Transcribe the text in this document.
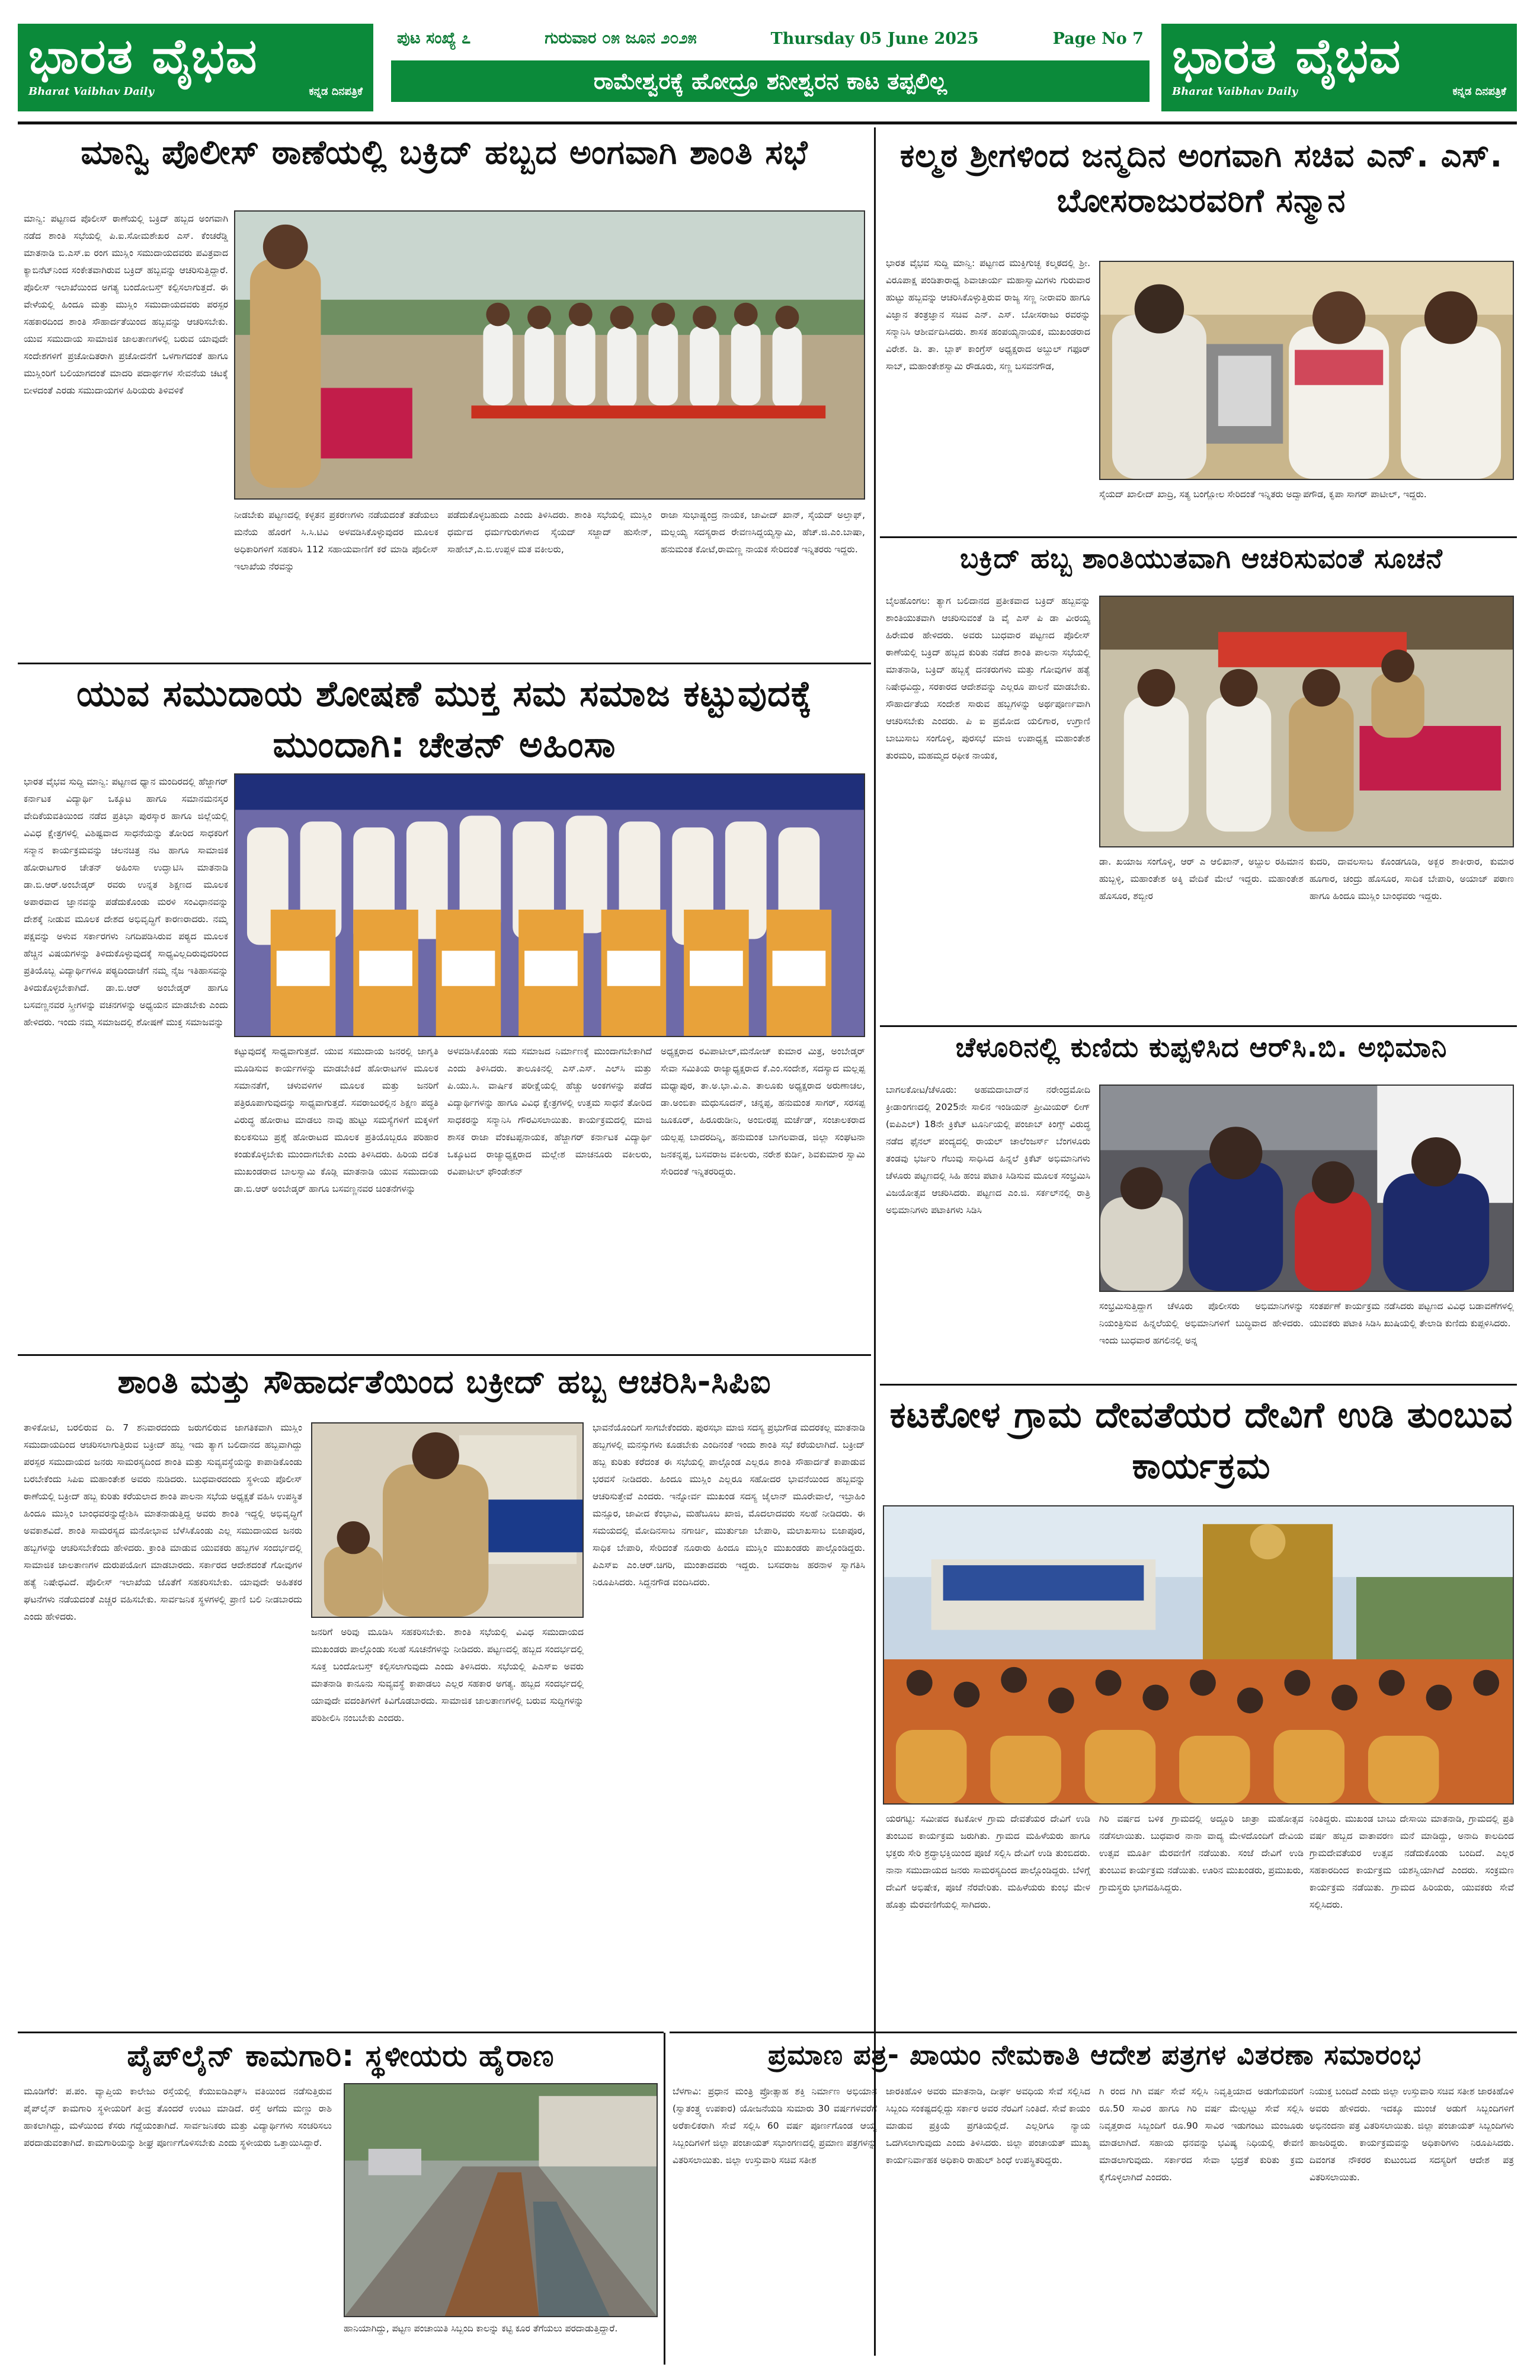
ಭಾರತ ವೈಭವ
Bharat Vaibhav Daily	ಕನ್ನಡ ದಿನಪತ್ರಿಕೆ
ಪುಟ ಸಂಖ್ಯೆ ೭	ಗುರುವಾರ ೦೫ ಜೂನ ೨೦೨೫	Thursday 05 June 2025	Page No 7
ರಾಮೇಶ್ವರಕ್ಕೆ ಹೋದ್ರೂ ಶನೀಶ್ವರನ ಕಾಟ ತಪ್ಪಲಿಲ್ಲ	ಭಾರತ ವೈಭವ
Bharat Vaibhav Daily	ಕನ್ನಡ ದಿನಪತ್ರಿಕೆ
ಮಾನ್ವಿ ಪೊಲೀಸ್ ಠಾಣೆಯಲ್ಲಿ ಬಕ್ರಿದ್ ಹಬ್ಬದ ಅಂಗವಾಗಿ ಶಾಂತಿ ಸಭೆ
ಮಾನ್ವಿ: ಪಟ್ಟಣದ ಪೊಲೀಸ್ ಠಾಣೆಯಲ್ಲಿ ಬಕ್ರಿದ್ ಹಬ್ಬದ ಅಂಗವಾಗಿ ನಡೆದ ಶಾಂತಿ ಸಭೆಯಲ್ಲಿ ಪಿ.ಐ.ಸೋಮಶೇಖರ ಎಸ್. ಕೆಂಚರೆಡ್ಡಿ ಮಾತನಾಡಿ ಬಿ.ಎಸ್.ಐ ರಂಗ ಮುಸ್ಲಿಂ ಸಮುದಾಯದವರು ಪವಿತ್ರವಾದ ಕ್ಯಾಬಿನೆಟ್‌ನಿಂದ ಸಂಕೇತವಾಗಿರುವ ಬಕ್ರಿದ್ ಹಬ್ಬವನ್ನು ಆಚರಿಸುತ್ತಿದ್ದಾರೆ. ಪೊಲೀಸ್ ಇಲಾಖೆಯಿಂದ ಅಗತ್ಯ ಬಂದೋಬಸ್ತ್ ಕಲ್ಪಿಸಲಾಗುತ್ತದೆ. ಈ ವೇಳೆಯಲ್ಲಿ ಹಿಂದೂ ಮತ್ತು ಮುಸ್ಲಿಂ ಸಮುದಾಯದವರು ಪರಸ್ಪರ ಸಹಕಾರದಿಂದ ಶಾಂತಿ ಸೌಹಾರ್ದತೆಯಿಂದ ಹಬ್ಬವನ್ನು ಆಚರಿಸಬೇಕು. ಯುವ ಸಮುದಾಯ ಸಾಮಾಜಿಕ ಜಾಲತಾಣಗಳಲ್ಲಿ ಬರುವ ಯಾವುದೇ ಸಂದೇಶಗಳಿಗೆ ಪ್ರಚೋದಿತರಾಗಿ ಪ್ರಚೋದನೆಗೆ ಒಳಗಾಗದಂತೆ ಹಾಗೂ ಮುಸ್ಲಿಂರಿಗೆ ಬಲಿಯಾಗದಂತೆ ಮಾದರಿ ಪದಾರ್ಥಗಳ ಸೇವನೆಯ ಚಟಕ್ಕೆ ಬೀಳದಂತೆ ಎರಡು ಸಮುದಾಯಗಳ ಹಿರಿಯರು ತಿಳಿವಳಿಕೆ
ನೀಡಬೇಕು ಪಟ್ಟಣದಲ್ಲಿ ಕಳ್ಳತನ ಪ್ರಕರಣಗಳು ನಡೆಯದಂತೆ ತಡೆಯಲು ಮನೆಯ ಹೊರಗೆ ಸಿ.ಸಿ.ಟಿವಿ ಅಳವಡಿಸಿಕೊಳ್ಳುವುದರ ಮೂಲಕ ಅಧಿಕಾರಿಗಳಿಗೆ ಸಹಕರಿಸಿ 112 ಸಹಾಯವಾಣಿಗೆ ಕರೆ ಮಾಡಿ ಪೊಲೀಸ್ ಇಲಾಖೆಯ ನೆರವನ್ನು
ಪಡೆದುಕೊಳ್ಳಬಹುದು ಎಂದು ತಿಳಿಸಿದರು. ಶಾಂತಿ ಸಭೆಯಲ್ಲಿ ಮುಸ್ಲಿಂ ಧರ್ಮದ ಧರ್ಮಗುರುಗಳಾದ ಸೈಯದ್ ಸಜ್ಜಾದ್ ಹುಸೇನ್, ಸಾಹೇಬ್,ಎ.ಬಿ.ಉಪ್ಪಳ ಮತ ವಕೀಲರು,
ರಾಜಾ ಸುಭಾಷ್ಚಂದ್ರ ನಾಯಕ, ಜಾವೀದ್ ಖಾನ್, ಸೈಯದ್ ಅಲ್ತಾಫ್, ಮಲ್ಲಯ್ಯ ಸದಸ್ಯರಾದ ರೇವಣಸಿದ್ದಯ್ಯಸ್ವಾಮಿ, ಹೆಚ್.ಜಿ.ಎಂ.ಬಾಷಾ, ಹನುಮಂತ ಕೋಟೆ,ರಾಮಣ್ಣ ನಾಯಕ ಸೇರಿದಂತೆ ಇನ್ನಿತರರು ಇದ್ದರು.
ಯುವ ಸಮುದಾಯ ಶೋಷಣೆ ಮುಕ್ತ ಸಮ ಸಮಾಜ ಕಟ್ಟುವುದಕ್ಕೆ ಮುಂದಾಗಿ: ಚೇತನ್ ಅಹಿಂಸಾ
ಭಾರತ ವೈಭವ ಸುದ್ದಿ ಮಾನ್ವಿ: ಪಟ್ಟಣದ ಧ್ಯಾನ ಮಂದಿರದಲ್ಲಿ ಹೆಜ್ಜಾಗರ್ ಕರ್ನಾಟಕ ವಿದ್ಯಾರ್ಥಿ ಒಕ್ಕೂಟ ಹಾಗೂ ಸಮಾನಮನಸ್ಕರ ವೇದಿಕೆಯವತಿಯಿಂದ ನಡೆದ ಪ್ರತಿಭಾ ಪುರಸ್ಕಾರ ಹಾಗೂ ಜಿಲ್ಲೆಯಲ್ಲಿ ವಿವಿಧ ಕ್ಷೇತ್ರಗಳಲ್ಲಿ ವಿಶಿಷ್ಟವಾದ ಸಾಧನೆಯನ್ನು ತೋರಿದ ಸಾಧಕರಿಗೆ ಸನ್ಮಾನ ಕಾರ್ಯಕ್ರಮವನ್ನು ಚಲನಚಿತ್ರ ನಟ ಹಾಗೂ ಸಾಮಾಜಿಕ ಹೋರಾಟಗಾರ ಚೇತನ್ ಅಹಿಂಸಾ ಉದ್ಘಾಟಿಸಿ ಮಾತನಾಡಿ ಡಾ.ಬಿ.ಆರ್.ಅಂಬೇಡ್ಕರ್ ರವರು ಉನ್ನತ ಶಿಕ್ಷಣದ ಮೂಲಕ ಅಪಾರವಾದ ಜ್ಞಾನವನ್ನು ಪಡೆದುಕೊಂಡು ಮರಳಿ ಸಂವಿಧಾನವನ್ನು ದೇಶಕ್ಕೆ ನೀಡುವ ಮೂಲಕ ದೇಶದ ಅಭಿವೃದ್ಧಿಗೆ ಕಾರಣರಾದರು. ನಮ್ಮ ಪಕ್ಷವನ್ನು ಅಳುವ ಸರ್ಕಾರಗಳು ನಿಗದಿಪಡಿಸಿರುವ ಪಠ್ಯದ ಮೂಲಕ ಹೆಚ್ಚಿನ ವಿಷಯಗಳನ್ನು ತಿಳಿದುಕೊಳ್ಳುವುದಕ್ಕೆ ಸಾಧ್ಯವಿಲ್ಲದಿರುವುದರಿಂದ ಪ್ರತಿಯೊಬ್ಬ ವಿದ್ಯಾರ್ಥಿಗಳೂ ಪಠ್ಯದಿಂದಾಚೆಗೆ ನಮ್ಮ ನೈಜ ಇತಿಹಾಸವನ್ನು ತಿಳಿದುಕೊಳ್ಳಬೇಕಾಗಿದೆ. ಡಾ.ಬಿ.ಆರ್ ಅಂಬೇಡ್ಕರ್ ಹಾಗೂ ಬಸವಣ್ಣನವರ ಸ್ತ್ರೀಗಳನ್ನು ವಚನಗಳನ್ನು ಅಧ್ಯಯನ ಮಾಡಬೇಕು ಎಂದು ಹೇಳಿದರು. ಇಂದು ನಮ್ಮ ಸಮಾಜದಲ್ಲಿ ಶೋಷಣೆ ಮುಕ್ತ ಸಮಾಜವನ್ನು
ಕಟ್ಟುವುದಕ್ಕೆ ಸಾಧ್ಯವಾಗುತ್ತದೆ. ಯುವ ಸಮುದಾಯ ಜನರಲ್ಲಿ ಜಾಗೃತಿ ಮೂಡಿಸುವ ಕಾರ್ಯಗಳನ್ನು ಮಾಡಬೇಕಿದೆ ಹೋರಾಟಗಳ ಮೂಲಕ ಸಮಾನತೆಗೆ, ಚಳುವಳಿಗಳ ಮೂಲಕ ಮತ್ತು ಜನರಿಗೆ ಪತ್ರಿರೂಪಾಗುವುದನ್ನು ಸಾಧ್ಯವಾಗುತ್ತದೆ. ಸವರಾಜುರಲ್ಲಿನ ಶಿಕ್ಷಣ ಪದ್ಧತಿ ವಿರುದ್ಧ ಹೋರಾಟ ಮಾಡಲು ನಾವು ಹುಟ್ಟು ಸಮಸ್ಯೆಗಳಿಗೆ ಮಕ್ಕಳಿಗೆ ಕುಲಕಸುಬು ಪ್ರಶ್ನೆ ಹೋರಾಟದ ಮೂಲಕ ಪ್ರತಿಯೊಬ್ಬರೂ ಪರಿಹಾರ ಕಂಡುಕೊಳ್ಳಬೇಕು ಮುಂದಾಗಬೇಕು ಎಂದು ತಿಳಿಸಿದರು. ಹಿರಿಯ ದಲಿತ ಮುಖಂಡರಾದ ಬಾಲಸ್ವಾಮಿ ಕೊಡ್ಲಿ ಮಾತನಾಡಿ ಯುವ ಸಮುದಾಯ ಡಾ.ಬಿ.ಆರ್ ಅಂಬೇಡ್ಕರ್ ಹಾಗೂ ಬಸವಣ್ಣನವರ ಚಿಂತನೆಗಳನ್ನು
ಅಳವಡಿಸಿಕೊಂಡು ಸಮ ಸಮಾಜದ ನಿರ್ಮಾಣಕ್ಕೆ ಮುಂದಾಗಬೇಕಾಗಿದೆ ಎಂದು ತಿಳಿಸಿದರು. ತಾಲೂಕಿನಲ್ಲಿ ಎಸ್.ಎಸ್. ಎಲ್‌ಸಿ ಮತ್ತು ಪಿ.ಯು.ಸಿ. ವಾರ್ಷಿಕ ಪರೀಕ್ಷೆಯಲ್ಲಿ ಹೆಚ್ಚು ಅಂಕಗಳನ್ನು ಪಡೆದ ವಿದ್ಯಾರ್ಥಿಗಳನ್ನು ಹಾಗೂ ವಿವಿಧ ಕ್ಷೇತ್ರಗಳಲ್ಲಿ ಉತ್ತಮ ಸಾಧನೆ ತೋರಿದ ಸಾಧಕರನ್ನು ಸನ್ಮಾನಿಸಿ ಗೌರವಿಸಲಾಯಿತು. ಕಾರ್ಯಕ್ರಮದಲ್ಲಿ ಮಾಜಿ ಶಾಸಕ ರಾಜಾ ವೆಂಕಟಪ್ಪನಾಯಕ, ಹೆಜ್ಜಾಗರ್ ಕರ್ನಾಟಕ ವಿದ್ಯಾರ್ಥಿ ಒಕ್ಕೂಟದ ರಾಜ್ಯಾಧ್ಯಕ್ಷರಾದ ಮಲ್ಲೇಶ ಮಾಚನೂರು ವಕೀಲರು, ರವಿಪಾಟೀಲ್ ಫೌಂಡೇಶನ್
ಅಧ್ಯಕ್ಷರಾದ ರವಿಪಾಟೀಲ್,ಮನೋಜ್ ಕುಮಾರ ಮಿತ್ರ, ಅಂಬೇಡ್ಕರ್ ಸೇವಾ ಸಮಿತಿಯ ರಾಜ್ಯಾಧ್ಯಕ್ಷರಾದ ಕೆ.ಎಂ.ಸಂದೇಶ, ಸದಸ್ಯಾದ ಮಲ್ಲಪ್ಪ ಮಧ್ಯಾಪುರ, ತಾ.ಅ.ಭಾ.ವಿ.ಎ. ತಾಲೂಕು ಅಧ್ಯಕ್ಷರಾದ ಅರುಣಾಚಲ, ಡಾ.ಅಂಬಿಕಾ ಮಧುಸೂದನ್, ಚನ್ನಪ್ಪ, ಹನುಮಂತ ಸಾಗರ್, ಸರಸಪ್ಪ ಜೂಕೂರ್, ಹಿರೂರುಡೀನಿ, ಅಂಬೀರಪ್ಪ ಮರ್ಚೆಡ್, ಸಂಚಾಲಕರಾದ ಯಲ್ಲಪ್ಪ ಬಾದರದಿನ್ನಿ, ಹನುಮಂತ ಬಾಗಲವಾಡ, ಜಿಲ್ಲಾ ಸಂಘಟನಾ ಜನಕನ್ನಪ್ಪ, ಬಸವರಾಜ ವಕೀಲರು, ನರೇಶ ಕುರ್ಡಿ, ಶಿವಕುಮಾರ ಸ್ವಾಮಿ ಸೇರಿದಂತೆ ಇನ್ನಿತರರಿದ್ದರು.
ಶಾಂತಿ ಮತ್ತು ಸೌಹಾರ್ದತೆಯಿಂದ ಬಕ್ರೀದ್ ಹಬ್ಬ ಆಚರಿಸಿ-ಸಿಪಿಐ
ತಾಳಿಕೋಟಿ, ಬರಲಿರುವ ದಿ. 7 ಶನಿವಾರದಂದು ಜರುಗಲಿರುವ ಜಾಗತಿಕವಾಗಿ ಮುಸ್ಲಿಂ ಸಮುದಾಯದಿಂದ ಆಚರಿಸಲಾಗುತ್ತಿರುವ ಬಕ್ರೀದ್ ಹಬ್ಬ ಇದು ತ್ಯಾಗ ಬಲಿದಾನದ ಹಬ್ಬವಾಗಿದ್ದು ಪರಸ್ಪರ ಸಮುದಾಯದ ಜನರು ಸಾಮರಸ್ಯದಿಂದ ಶಾಂತಿ ಮತ್ತು ಸುವ್ಯವಸ್ಥೆಯನ್ನು ಕಾಪಾಡಿಕೊಂಡು ಬರಬೇಕೆಂದು ಸಿಪಿಐ ಮಹಾಂತೇಶ ಅವರು ನುಡಿದರು. ಬುಧವಾರದಂದು ಸ್ಥಳೀಯ ಪೊಲೀಸ್ ಠಾಣೆಯಲ್ಲಿ ಬಕ್ರೀದ್ ಹಬ್ಬ ಕುರಿತು ಕರೆಯಲಾದ ಶಾಂತಿ ಪಾಲನಾ ಸಭೆಯ ಅಧ್ಯಕ್ಷತೆ ವಹಿಸಿ ಉಪಸ್ಥಿತ ಹಿಂದೂ ಮುಸ್ಲಿಂ ಬಾಂಧವರನ್ನುದ್ದೇಶಿಸಿ ಮಾತನಾಡುತ್ತಿದ್ದ ಅವರು ಶಾಂತಿ ಇದ್ದಲ್ಲಿ ಅಭಿವೃದ್ಧಿಗೆ ಅವಕಾಶವಿದೆ. ಶಾಂತಿ ಸಾಮರಸ್ಯದ ಮನೋಭಾವ ಬೆಳೆಸಿಕೊಂಡು ಎಲ್ಲ ಸಮುದಾಯದ ಜನರು ಹಬ್ಬಗಳನ್ನು ಆಚರಿಸಬೇಕೆಂದು ಹೇಳಿದರು. ಕ್ರಾಂತಿ ಮಾಡುವ ಯುವಕರು ಹಬ್ಬಗಳ ಸಂದರ್ಭದಲ್ಲಿ ಸಾಮಾಜಿಕ ಜಾಲತಾಣಗಳ ದುರುಪಯೋಗ ಮಾಡಬಾರದು. ಸರ್ಕಾರದ ಆದೇಶದಂತೆ ಗೋವುಗಳ ಹತ್ಯೆ ನಿಷೇಧವಿದೆ. ಪೊಲೀಸ್ ಇಲಾಖೆಯ ಜೊತೆಗೆ ಸಹಕರಿಸಬೇಕು. ಯಾವುದೇ ಅಹಿತಕರ ಘಟನೆಗಳು ನಡೆಯದಂತೆ ಎಚ್ಚರ ವಹಿಸಬೇಕು. ಸಾರ್ವಜನಿಕ ಸ್ಥಳಗಳಲ್ಲಿ ಪ್ರಾಣಿ ಬಲಿ ನೀಡಬಾರದು ಎಂದು ಹೇಳಿದರು.
ಜನರಿಗೆ ಅರಿವು ಮೂಡಿಸಿ ಸಹಕರಿಸಬೇಕು. ಶಾಂತಿ ಸಭೆಯಲ್ಲಿ ವಿವಿಧ ಸಮುದಾಯದ ಮುಖಂಡರು ಪಾಲ್ಗೊಂಡು ಸಲಹೆ ಸೂಚನೆಗಳನ್ನು ನೀಡಿದರು. ಪಟ್ಟಣದಲ್ಲಿ ಹಬ್ಬದ ಸಂದರ್ಭದಲ್ಲಿ ಸೂಕ್ತ ಬಂದೋಬಸ್ತ್ ಕಲ್ಪಿಸಲಾಗುವುದು ಎಂದು ತಿಳಿಸಿದರು. ಸಭೆಯಲ್ಲಿ ಪಿಎಸ್ಐ ಅವರು ಮಾತನಾಡಿ ಕಾನೂನು ಸುವ್ಯವಸ್ಥೆ ಕಾಪಾಡಲು ಎಲ್ಲರ ಸಹಕಾರ ಅಗತ್ಯ. ಹಬ್ಬದ ಸಂದರ್ಭದಲ್ಲಿ ಯಾವುದೇ ವದಂತಿಗಳಿಗೆ ಕಿವಿಗೊಡಬಾರದು. ಸಾಮಾಜಿಕ ಜಾಲತಾಣಗಳಲ್ಲಿ ಬರುವ ಸುದ್ದಿಗಳನ್ನು ಪರಿಶೀಲಿಸಿ ನಂಬಬೇಕು ಎಂದರು.
ಭಾವನೆಯೊಂದಿಗೆ ಸಾಗಬೇಕೆಂದರು. ಪುರಸಭಾ ಮಾಜಿ ಸದಸ್ಯ ಪ್ರಭುಗೌಡ ಮದರಕಲ್ಲ ಮಾತನಾಡಿ ಹಬ್ಬಗಳಲ್ಲಿ ಮನಸ್ಸುಗಳು ಕೂಡಬೇಕು ಎಂದಿನಂತೆ ಇಂದು ಶಾಂತಿ ಸಭೆ ಕರೆಯಲಾಗಿದೆ. ಬಕ್ರೀದ್ ಹಬ್ಬ ಕುರಿತು ಕರೆದಂತ ಈ ಸಭೆಯಲ್ಲಿ ಪಾಲ್ಗೊಂಡ ಎಲ್ಲರೂ ಶಾಂತಿ ಸೌಹಾರ್ದತೆ ಕಾಪಾಡುವ ಭರವಸೆ ನೀಡಿದರು. ಹಿಂದೂ ಮುಸ್ಲಿಂ ಎಲ್ಲರೂ ಸಹೋದರ ಭಾವನೆಯಿಂದ ಹಬ್ಬವನ್ನು ಆಚರಿಸುತ್ತೇವೆ ಎಂದರು. ಇನ್ನೋರ್ವ ಮುಖಂಡ ಸದಸ್ಯ ಜೈಲಾನ್ ಮೂರೇವಾಲೆ, ಇಬ್ರಾಹಿಂ ಮನ್ಸೂರ, ಜಾವೀದ ಕೆಂಭಾವಿ, ಮಹೆಬೂಬ ಖಾಜಿ, ಮೊದಲಾದವರು ಸಲಹೆ ನೀಡಿದರು. ಈ ಸಮಯದಲ್ಲಿ ಮೋದಿನಸಾಬ ನಗಾರ್ಚಿ, ಮುರ್ತುಜಾ ಬೇಪಾರಿ, ಮಲಾಖಸಾಬ ಬಿಜಾಪೂರ, ಸಾಧಿಕ ಬೇಪಾರಿ, ಸೇರಿದಂತೆ ನೂರಾರು ಹಿಂದೂ ಮುಸ್ಲಿಂ ಮುಖಂಡರು ಪಾಲ್ಗೊಂಡಿದ್ದರು. ಪಿಎಸ್ಐ ಎಂ.ಆರ್.ಚಿಗರಿ, ಮುಂತಾದವರು ಇದ್ದರು. ಬಸವರಾಜ ಹರನಾಳ ಸ್ವಾಗತಿಸಿ ನಿರೂಪಿಸಿದರು. ಸಿದ್ದನಗೌಡ ವಂದಿಸಿದರು.
ಪೈಪ್‌ಲೈನ್ ಕಾಮಗಾರಿ: ಸ್ಥಳೀಯರು ಹೈರಾಣ
ಮೂಡಿಗೆರೆ: ಪ.ಪಂ. ವ್ಯಾಪ್ತಿಯ ಕಾಲೇಜು ರಸ್ತೆಯಲ್ಲಿ ಕೆಯುಐಡಿಎಫ್‌ಸಿ ವತಿಯಿಂದ ನಡೆಸುತ್ತಿರುವ ಪೈಪ್‌ಲೈನ್ ಕಾಮಗಾರಿ ಸ್ಥಳೀಯರಿಗೆ ತೀವ್ರ ತೊಂದರೆ ಉಂಟು ಮಾಡಿದೆ. ರಸ್ತೆ ಅಗೆದು ಮಣ್ಣು ರಾಶಿ ಹಾಕಲಾಗಿದ್ದು, ಮಳೆಯಿಂದ ಕೆಸರು ಗದ್ದೆಯಂತಾಗಿದೆ. ಸಾರ್ವಜನಿಕರು ಮತ್ತು ವಿದ್ಯಾರ್ಥಿಗಳು ಸಂಚರಿಸಲು ಪರದಾಡುವಂತಾಗಿದೆ. ಕಾಮಗಾರಿಯನ್ನು ಶೀಘ್ರ ಪೂರ್ಣಗೊಳಿಸಬೇಕು ಎಂದು ಸ್ಥಳೀಯರು ಒತ್ತಾಯಿಸಿದ್ದಾರೆ.
ಹಾನಿಯಾಗಿದ್ದು, ಪಟ್ಟಣ ಪಂಚಾಯಿತಿ ಸಿಬ್ಬಂದಿ ಕಾಲನ್ನು ಕಟ್ಟಿ ಕೂರ ತೆಗೆಯಲು ಪರದಾಡುತ್ತಿದ್ದಾರೆ.
ಕಲ್ಮಠ ಶ್ರೀಗಳಿಂದ ಜನ್ಮದಿನ ಅಂಗವಾಗಿ ಸಚಿವ ಎನ್. ಎಸ್. ಬೋಸರಾಜುರವರಿಗೆ ಸನ್ಮಾನ
ಭಾರತ ವೈಭವ ಸುದ್ದಿ ಮಾನ್ವಿ: ಪಟ್ಟಣದ ಮುಕ್ತಿಗುಚ್ಛ ಕಲ್ಮಠದಲ್ಲಿ ಶ್ರೀ. ವಿರೂಪಾಕ್ಷ ಪಂಡಿತಾರಾಧ್ಯ ಶಿವಾಚಾರ್ಯ ಮಹಾಸ್ವಾಮಿಗಳು ಗುರುವಾರ ಹುಟ್ಟು ಹಬ್ಬವನ್ನು ಆಚರಿಸಿಕೊಳ್ಳುತ್ತಿರುವ ರಾಜ್ಯ ಸಣ್ಣ ನೀರಾವರಿ ಹಾಗೂ ವಿಜ್ಞಾನ ತಂತ್ರಜ್ಞಾನ ಸಚಿವ ಎನ್. ಎಸ್. ಬೋಸರಾಜು ರವರನ್ನು ಸನ್ಮಾನಿಸಿ ಆಶೀರ್ವದಿಸಿದರು. ಶಾಸಕ ಹಂಪಯ್ಯನಾಯಕ, ಮುಖಂಡರಾದ ವಿರೇಶ. ಡಿ. ತಾ. ಬ್ಲಾಕ್ ಕಾಂಗ್ರೆಸ್ ಅಧ್ಯಕ್ಷರಾದ ಅಬ್ದುಲ್ ಗಫೂರ್ ಸಾಬ್, ಮಹಾಂತೇಶಸ್ವಾಮಿ ರೌಡೂರು, ಸಣ್ಣ ಬಸವನಗೌಡ,
ಸೈಯದ್ ಖಾಲೀದ್ ಖಾದ್ರಿ, ಸತ್ಯ ಬಂಗ್ಲೋಲ ಸೇರಿದಂತೆ ಇನ್ನಿತರು ಅದ್ವಾಪಗೌಡ, ಕೃಪಾ ಸಾಗರ್ ಪಾಟೀಲ್, ಇದ್ದರು.
ಬಕ್ರಿದ್ ಹಬ್ಬ ಶಾಂತಿಯುತವಾಗಿ ಆಚರಿಸುವಂತೆ ಸೂಚನೆ
ಬೈಲಹೊಂಗಲ: ತ್ಯಾಗ ಬಲಿದಾನದ ಪ್ರತೀಕವಾದ ಬಕ್ರಿದ್ ಹಬ್ಬವನ್ನು ಶಾಂತಿಯುತವಾಗಿ ಆಚರಿಸುವಂತೆ ಡಿ ವೈ ಎಸ್ ಪಿ ಡಾ ವೀರಯ್ಯ ಹಿರೇಮಠ ಹೇಳಿದರು. ಅವರು ಬುಧವಾರ ಪಟ್ಟಣದ ಪೊಲೀಸ್ ಠಾಣೆಯಲ್ಲಿ ಬಕ್ರಿದ್ ಹಬ್ಬದ ಕುರಿತು ನಡೆದ ಶಾಂತಿ ಪಾಲನಾ ಸಭೆಯಲ್ಲಿ ಮಾತನಾಡಿ, ಬಕ್ರಿದ್ ಹಬ್ಬಕ್ಕೆ ದನಕರುಗಳು ಮತ್ತು ಗೋವುಗಳ ಹತ್ಯೆ ನಿಷೇಧವಿದ್ದು, ಸರಕಾರದ ಆದೇಶವನ್ನು ಎಲ್ಲರೂ ಪಾಲನೆ ಮಾಡಬೇಕು. ಸೌಹಾರ್ದತೆಯ ಸಂದೇಶ ಸಾರುವ ಹಬ್ಬಗಳನ್ನು ಅರ್ಥಪೂರ್ಣವಾಗಿ ಆಚರಿಸಬೇಕು ಎಂದರು. ಪಿ ಐ ಪ್ರಮೋದ ಯಲಿಗಾರ, ಉಗ್ರಾಣಿ ಬಾಬುಸಾಬ ಸಂಗೊಳ್ಳಿ, ಪುರಸಭೆ ಮಾಜಿ ಉಪಾಧ್ಯಕ್ಷ ಮಹಾಂತೇಶ ತುರಮರಿ, ಮಹಮ್ಮದ ರಫೀಕ ನಾಯಕ,
ಡಾ. ಖಯಾಜ ಸಂಗೊಳ್ಳಿ, ಆರ್ ಎ ಆಲಿಖಾನ್, ಅಬ್ದುಲ ರಹಿಮಾನ ಹುಬ್ಬಳ್ಳಿ, ಮಹಾಂತೇಶ ಅಕ್ಕಿ ವೇದಿಕೆ ಮೇಲೆ ಇದ್ದರು. ಮಹಾಂತೇಶ ಹೊಸೂರ, ಶಬ್ಬೀರ
ಕುದರಿ, ದಾವಲಸಾಬ ಕೊಂಡಗೂಡಿ, ಅಕ್ಬರ ಶಾಕೀರಾರ, ಕುಮಾರ ಹೂಗಾರ, ಚಂದ್ರು ಹೊಸೂರ, ಸಾದಿಕ ಬೇಪಾರಿ, ಅಯಾಜ್ ಪಠಾಣ ಹಾಗೂ ಹಿಂದೂ ಮುಸ್ಲಿಂ ಬಾಂಧವರು ಇದ್ದರು.
ಚೆಳೂರಿನಲ್ಲಿ ಕುಣಿದು ಕುಪ್ಪಳಿಸಿದ ಆರ್‌ಸಿ.ಬಿ. ಅಭಿಮಾನಿ
ಬಾಗಲಕೋಟ/ಚೆಳೂರು: ಅಹಮದಾಬಾದ್‌ನ ನರೇಂದ್ರಮೋದಿ ಕ್ರೀಡಾಂಗಣದಲ್ಲಿ 2025ನೇ ಸಾಲಿನ ಇಂಡಿಯನ್ ಪ್ರೀಮಿಯರ್ ಲೀಗ್ (ಐಪಿಎಲ್) 18ನೇ ಕ್ರಿಕೆಟ್ ಟೂರ್ನಿಯಲ್ಲಿ ಪಂಜಾಬ್ ಕಿಂಗ್ಸ್ ವಿರುದ್ಧ ನಡೆದ ಫೈನಲ್ ಪಂದ್ಯದಲ್ಲಿ ರಾಯಲ್ ಚಾಲೆಂಜರ್ಸ್ ಬೆಂಗಳೂರು ತಂಡವು ಭರ್ಜರಿ ಗೆಲುವು ಸಾಧಿಸಿದ ಹಿನ್ನಲೆ ಕ್ರಿಕೆಟ್ ಅಭಿಮಾನಿಗಳು ಚೆಳೂರು ಪಟ್ಟಣದಲ್ಲಿ ಸಿಹಿ ಹಂಚಿ ಪಟಾಕಿ ಸಿಡಿಸುವ ಮೂಲಕ ಸಂಭ್ರಮಿಸಿ ವಿಜಯೋತ್ಸವ ಆಚರಿಸಿದರು. ಪಟ್ಟಣದ ಎಂ.ಜಿ. ಸರ್ಕಲ್‌ನಲ್ಲಿ ರಾತ್ರಿ ಅಭಿಮಾನಿಗಳು ಪಟಾಕಿಗಳು ಸಿಡಿಸಿ
ಸಂಭ್ರಮಿಸುತ್ತಿದ್ದಾಗ ಚೆಳೂರು ಪೊಲೀಸರು ಅಭಿಮಾನಿಗಳನ್ನು ನಿಯಂತ್ರಿಸುವ ಹಿನ್ನಲೆಯಲ್ಲಿ ಅಭಿಮಾನಿಗಳಿಗೆ ಬುದ್ಧಿವಾದ ಹೇಳಿದರು. ಇಂದು ಬುಧವಾರ ಹಗಲಿನಲ್ಲಿ ಅನ್ನ
ಸಂತರ್ಪಣೆ ಕಾರ್ಯಕ್ರಮ ನಡೆಸಿದರು ಪಟ್ಟಣದ ವಿವಿಧ ಬಡಾವಣೆಗಳಲ್ಲಿ ಯುವಕರು ಪಟಾಕಿ ಸಿಡಿಸಿ ಖುಷಿಯಲ್ಲಿ ತೇಲಾಡಿ ಕುಣಿದು ಕುಪ್ಪಳಿಸಿದರು.
ಕಟಕೋಳ ಗ್ರಾಮ ದೇವತೆಯರ ದೇವಿಗೆ ಉಡಿ ತುಂಬುವ ಕಾರ್ಯಕ್ರಮ
ಯರಗಟ್ಟಿ: ಸಮೀಪದ ಕಟಕೋಳ ಗ್ರಾಮ ದೇವತೆಯರ ದೇವಿಗೆ ಉಡಿ ತುಂಬುವ ಕಾರ್ಯಕ್ರಮ ಜರುಗಿತು. ಗ್ರಾಮದ ಮಹಿಳೆಯರು ಹಾಗೂ ಭಕ್ತರು ಸೇರಿ ಶ್ರದ್ಧಾಭಕ್ತಿಯಿಂದ ಪೂಜೆ ಸಲ್ಲಿಸಿ ದೇವಿಗೆ ಉಡಿ ತುಂಬಿದರು. ನಾನಾ ಸಮುದಾಯದ ಜನರು ಸಾಮರಸ್ಯದಿಂದ ಪಾಲ್ಗೊಂಡಿದ್ದರು. ಬೆಳಿಗ್ಗೆ ದೇವಿಗೆ ಅಭಿಷೇಕ, ಪೂಜೆ ನೆರವೇರಿತು. ಮಹಿಳೆಯರು ಕುಂಭ ಮೇಳ ಹೊತ್ತು ಮೆರವಣಿಗೆಯಲ್ಲಿ ಸಾಗಿದರು.
ಗಿರಿ ವರ್ಷದ ಬಳಿಕ ಗ್ರಾಮದಲ್ಲಿ ಅದ್ದೂರಿ ಜಾತ್ರಾ ಮಹೋತ್ಸವ ನಡೆಸಲಾಯಿತು. ಬುಧವಾರ ನಾನಾ ವಾದ್ಯ ಮೇಳದೊಂದಿಗೆ ದೇವಿಯ ಉತ್ಸವ ಮೂರ್ತಿ ಮೆರವಣಿಗೆ ನಡೆಯಿತು. ಸಂಜೆ ದೇವಿಗೆ ಉಡಿ ತುಂಬುವ ಕಾರ್ಯಕ್ರಮ ನಡೆಯಿತು. ಊರಿನ ಮುಖಂಡರು, ಪ್ರಮುಖರು, ಗ್ರಾಮಸ್ಥರು ಭಾಗವಹಿಸಿದ್ದರು.
ನಿಂತಿದ್ದರು. ಮುಖಂಡ ಬಾಬು ದೇಸಾಯಿ ಮಾತನಾಡಿ, ಗ್ರಾಮದಲ್ಲಿ ಪ್ರತಿ ವರ್ಷ ಹಬ್ಬದ ವಾತಾವರಣ ಮನೆ ಮಾಡಿದ್ದು, ಅನಾದಿ ಕಾಲದಿಂದ ಗ್ರಾಮದೇವತೆಯರ ಉತ್ಸವ ನಡೆದುಕೊಂಡು ಬಂದಿದೆ. ಎಲ್ಲರ ಸಹಕಾರದಿಂದ ಕಾರ್ಯಕ್ರಮ ಯಶಸ್ವಿಯಾಗಿದೆ ಎಂದರು. ಸಂಕ್ರಮಣ ಕಾರ್ಯಕ್ರಮ ನಡೆಯಿತು. ಗ್ರಾಮದ ಹಿರಿಯರು, ಯುವಕರು ಸೇವೆ ಸಲ್ಲಿಸಿದರು.
ಪ್ರಮಾಣ ಪತ್ರ- ಖಾಯಂ ನೇಮಕಾತಿ ಆದೇಶ ಪತ್ರಗಳ ವಿತರಣಾ ಸಮಾರಂಭ
ಬೆಳಗಾವಿ: ಪ್ರಧಾನ ಮಂತ್ರಿ ಪ್ರೋತ್ಸಾಹ ಶಕ್ತಿ ನಿರ್ಮಾಣ ಅಭಿಯಾನ (ಸ್ವಾತಂತ್ರ್ಯ ಉಪಕಾರ) ಯೋಜನೆಯಡಿ ಸುಮಾರು 30 ವರ್ಷಗಳವರೆಗೆ ಅರೆಕಾಲಿಕರಾಗಿ ಸೇವೆ ಸಲ್ಲಿಸಿ 60 ವರ್ಷ ಪೂರ್ಣಗೊಂಡ ಆಯ್ದ ಸಿಬ್ಬಂದಿಗಳಿಗೆ ಜಿಲ್ಲಾ ಪಂಚಾಯತ್ ಸಭಾಂಗಣದಲ್ಲಿ ಪ್ರಮಾಣ ಪತ್ರಗಳನ್ನು ವಿತರಿಸಲಾಯಿತು. ಜಿಲ್ಲಾ ಉಸ್ತುವಾರಿ ಸಚಿವ ಸತೀಶ
ಜಾರಕಿಹೊಳಿ ಅವರು ಮಾತನಾಡಿ, ದೀರ್ಘ ಅವಧಿಯ ಸೇವೆ ಸಲ್ಲಿಸಿದ ಸಿಬ್ಬಂದಿ ಸಂಕಷ್ಟದಲ್ಲಿದ್ದು ಸರ್ಕಾರ ಅವರ ನೆರವಿಗೆ ನಿಂತಿದೆ. ಸೇವೆ ಕಾಯಂ ಮಾಡುವ ಪ್ರಕ್ರಿಯೆ ಪ್ರಗತಿಯಲ್ಲಿದೆ. ಎಲ್ಲರಿಗೂ ನ್ಯಾಯ ಒದಗಿಸಲಾಗುವುದು ಎಂದು ತಿಳಿಸಿದರು. ಜಿಲ್ಲಾ ಪಂಚಾಯತ್ ಮುಖ್ಯ ಕಾರ್ಯನಿರ್ವಾಹಕ ಅಧಿಕಾರಿ ರಾಹುಲ್ ಶಿಂಧೆ ಉಪಸ್ಥಿತರಿದ್ದರು.
ಗಿ ರಂದ ಗಿಗಿ ವರ್ಷ ಸೇವೆ ಸಲ್ಲಿಸಿ ನಿವೃತ್ತಿಯಾದ ಅಡುಗೆಯವರಿಗೆ ರೂ.50 ಸಾವಿರ ಹಾಗೂ ಗಿರಿ ವರ್ಷ ಮೇಲ್ಪಟ್ಟು ಸೇವೆ ಸಲ್ಲಿಸಿ ನಿವೃತ್ತರಾದ ಸಿಬ್ಬಂದಿಗೆ ರೂ.90 ಸಾವಿರ ಇಡುಗಂಟು ಮಂಜೂರು ಮಾಡಲಾಗಿದೆ. ಸಹಾಯ ಧನವನ್ನು ಭವಿಷ್ಯ ನಿಧಿಯಲ್ಲಿ ಠೇವಣಿ ಮಾಡಲಾಗುವುದು. ಸರ್ಕಾರದ ಸೇವಾ ಭದ್ರತೆ ಕುರಿತು ಕ್ರಮ ಕೈಗೊಳ್ಳಲಾಗಿದೆ ಎಂದರು.
ನಿಯುಕ್ತ ಬಂದಿದೆ ಎಂದು ಜಿಲ್ಲಾ ಉಸ್ತುವಾರಿ ಸಚಿವ ಸತೀಶ ಜಾರಕಿಹೊಳಿ ಅವರು ಹೇಳಿದರು. ಇದಕ್ಕೂ ಮುಂಚೆ ಅಡುಗೆ ಸಿಬ್ಬಂದಿಗಳಿಗೆ ಅಭಿನಂದನಾ ಪತ್ರ ವಿತರಿಸಲಾಯಿತು. ಜಿಲ್ಲಾ ಪಂಚಾಯತ್ ಸಿಬ್ಬಂದಿಗಳು ಹಾಜರಿದ್ದರು. ಕಾರ್ಯಕ್ರಮವನ್ನು ಅಧಿಕಾರಿಗಳು ನಿರೂಪಿಸಿದರು. ದಿವಂಗತ ನೌಕರರ ಕುಟುಂಬದ ಸದಸ್ಯರಿಗೆ ಆದೇಶ ಪತ್ರ ವಿತರಿಸಲಾಯಿತು.
